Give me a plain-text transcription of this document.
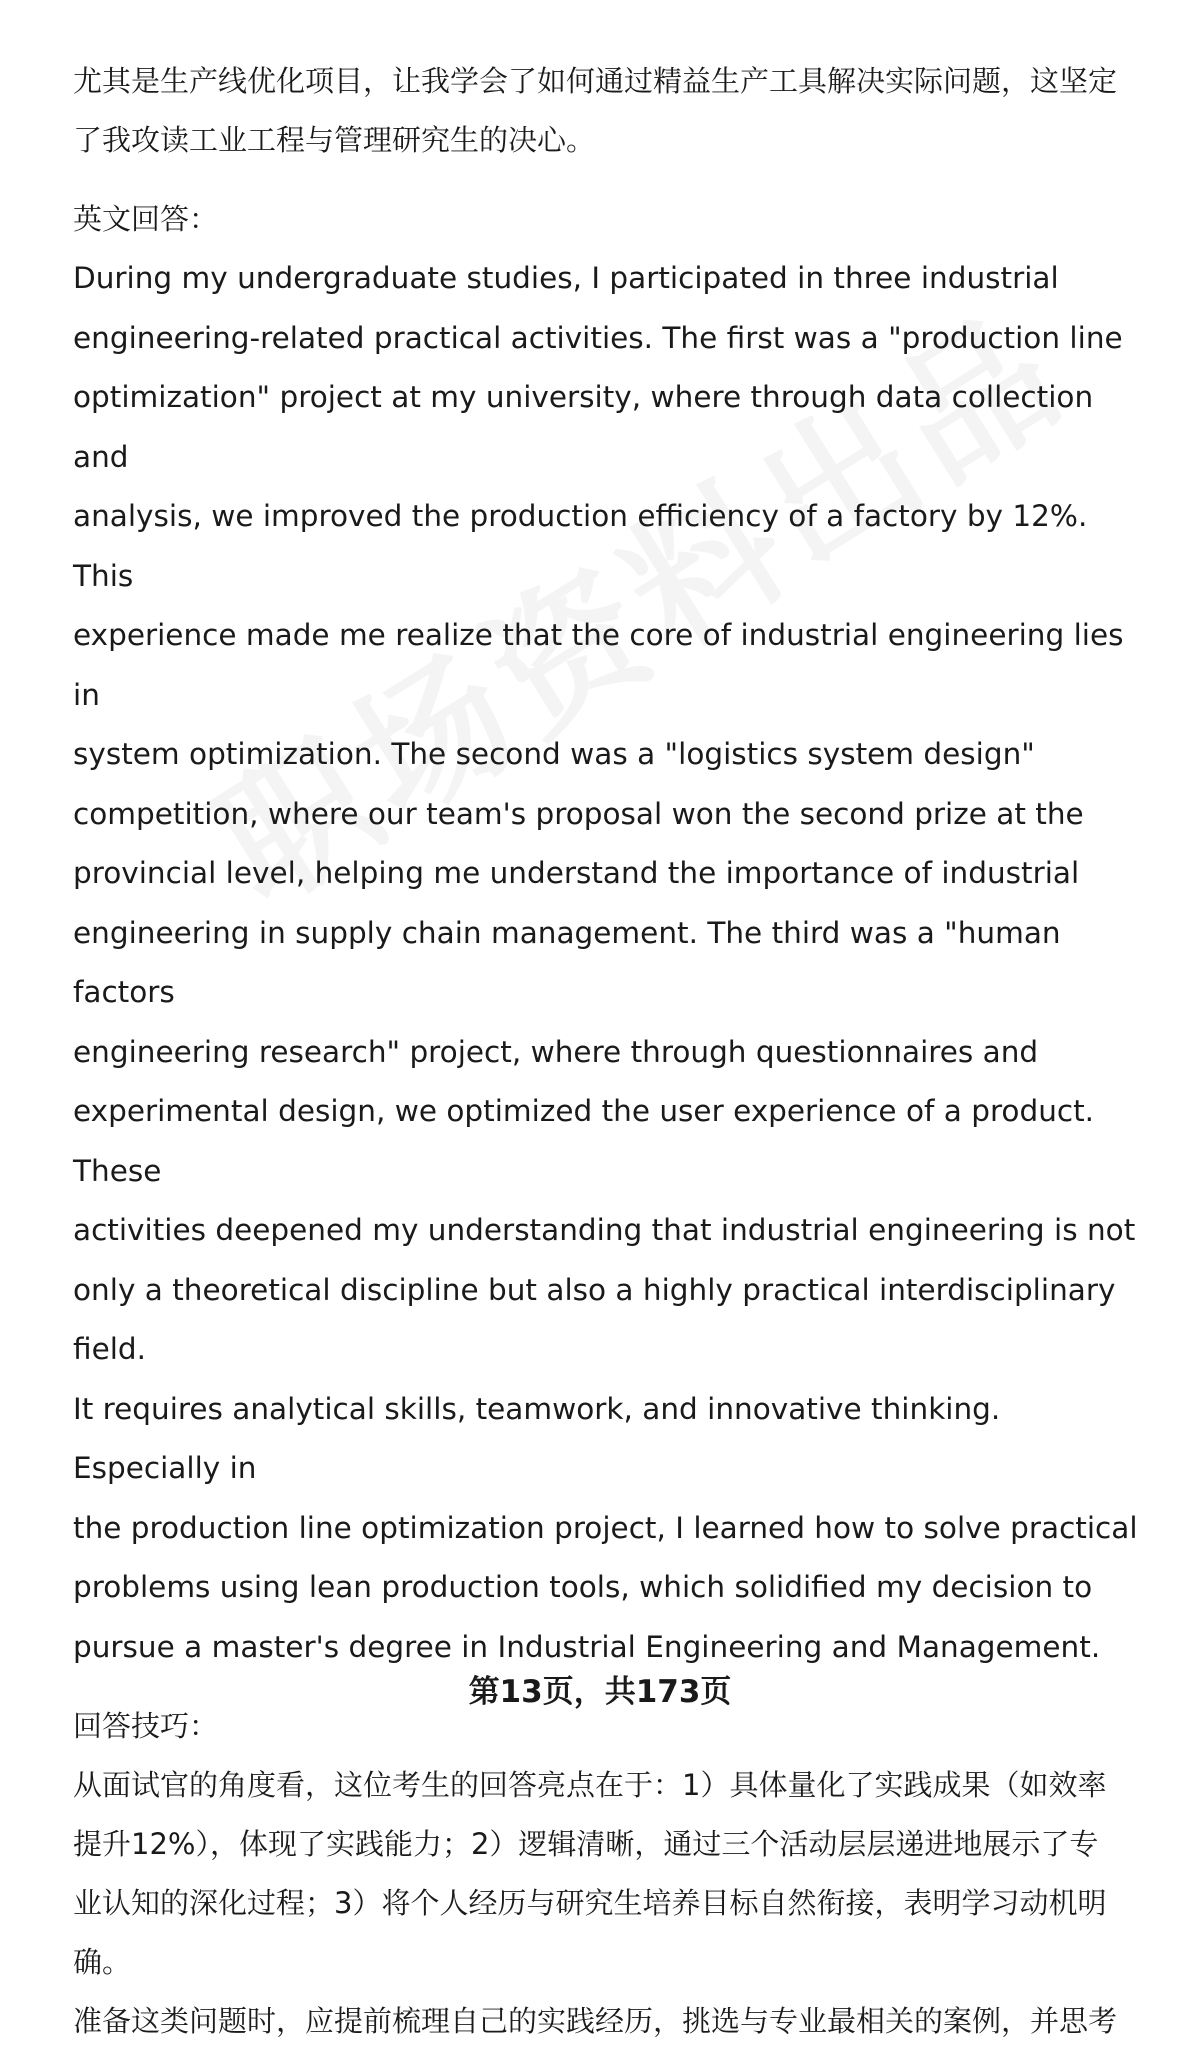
尤其是生产线优化项目，让我学会了如何通过精益生产工具解决实际问题，这坚定

了我攻读工业工程与管理研究生的决心。

英文回答：

During my undergraduate studies, I participated in three industrial

engineering-related practical activities. The first was a "production line

optimization" project at my university, where through data collection and

analysis, we improved the production efficiency of a factory by 12%. This

experience made me realize that the core of industrial engineering lies in

system optimization. The second was a "logistics system design"

competition, where our team's proposal won the second prize at the

provincial level, helping me understand the importance of industrial

engineering in supply chain management. The third was a "human factors

engineering research" project, where through questionnaires and

experimental design, we optimized the user experience of a product. These

activities deepened my understanding that industrial engineering is not

only a theoretical discipline but also a highly practical interdisciplinary field.

It requires analytical skills, teamwork, and innovative thinking. Especially in

the production line optimization project, I learned how to solve practical

problems using lean production tools, which solidified my decision to

pursue a master's degree in Industrial Engineering and Management.

回答技巧：

从面试官的角度看，这位考生的回答亮点在于：1）具体量化了实践成果（如效率

提升12%），体现了实践能力；2）逻辑清晰，通过三个活动层层递进地展示了专

业认知的深化过程；3）将个人经历与研究生培养目标自然衔接，表明学习动机明

确。

准备这类问题时，应提前梳理自己的实践经历，挑选与专业最相关的案例，并思考

第13页，共173页
